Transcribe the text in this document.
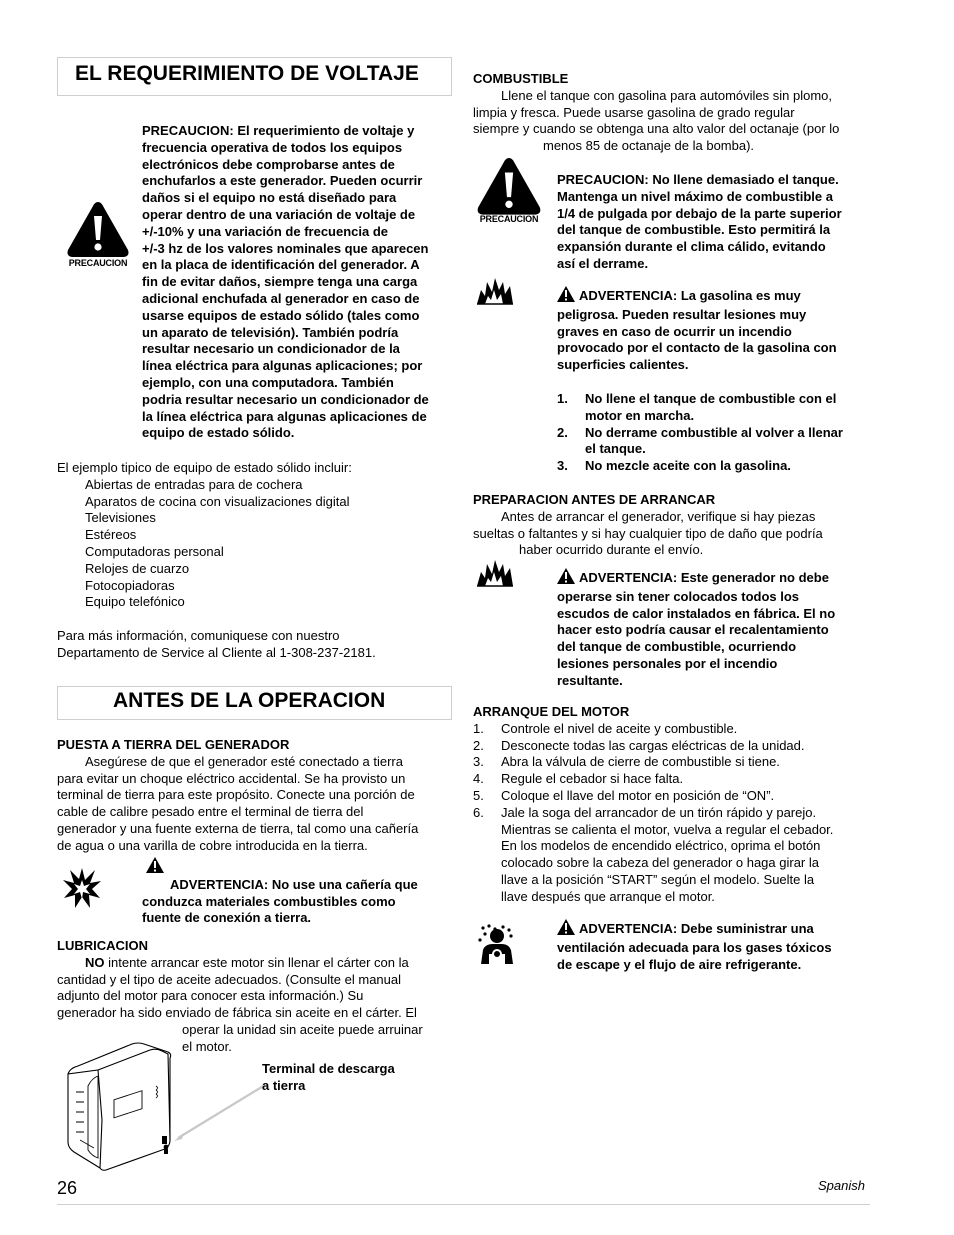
EL REQUERIMIENTO DE VOLTAJE
PRECAUCION

PRECAUCION: El requerimiento de voltaje y

frecuencia operativa de todos los equipos

electrónicos debe comprobarse antes de

enchufarlos a este generador. Pueden ocurrir

daños si el equipo no está diseñado para

operar dentro de una variación de voltaje de

+/-10% y una variación de frecuencia de

+/-3 hz de los valores nominales que aparecen

en la placa de identificación del generador. A

fin de evitar daños, siempre tenga una carga

adicional enchufada al generador en caso de

usarse equipos de estado sólido (tales como

un aparato de televisión). También podría

resultar necesario un condicionador de la

línea eléctrica para algunas aplicaciones; por

ejemplo, con una computadora. También

podria resultar necesario un condicionador de

la línea eléctrica para algunas aplicaciones de

equipo de estado sólido.

El ejemplo tipico de equipo de estado sólido incluir:

Abiertas de entradas para de cochera

Aparatos de cocina con visualizaciones digital

Televisiones

Estéreos

Computadoras personal

Relojes de cuarzo

Fotocopiadoras

Equipo telefónico

Para más información, comuniquese con nuestro

Departamento de Service al Cliente al 1-308-237-2181.

ANTES DE LA OPERACION

PUESTA A TIERRA DEL GENERADOR

Asegúrese de que el generador esté conectado a tierra

para evitar un choque eléctrico accidental. Se ha provisto un

terminal de tierra para este propósito. Conecte una porción de

cable de calibre pesado entre el terminal de tierra del

generador y una fuente externa de tierra, tal como una cañería

de agua o una varilla de cobre introducida en la tierra.

ADVERTENCIA: No use una cañería que

conduzca materiales combustibles como

fuente de conexión a tierra.

LUBRICACION

NO intente arrancar este motor sin llenar el cárter con la

cantidad y el tipo de aceite adecuados. (Consulte el manual

adjunto del motor para conocer esta información.) Su

generador ha sido enviado de fábrica sin aceite en el cárter. El

operar la unidad sin aceite puede arruinar

el motor.

Terminal de descarga

a tierra

COMBUSTIBLE

Llene el tanque con gasolina para automóviles sin plomo,

limpia y fresca. Puede usarse gasolina de grado regular

siempre y cuando se obtenga una alto valor del octanaje (por lo

menos 85 de octanaje de la bomba).

PRECAUCION

PRECAUCION: No llene demasiado el tanque.

Mantenga un nivel máximo de combustible a

1/4 de pulgada por debajo de la parte superior

del tanque de combustible. Esto permitirá la

expansión durante el clima cálido, evitando

así el derrame.

ADVERTENCIA: La gasolina es muy

peligrosa. Pueden resultar lesiones muy

graves en caso de ocurrir un incendio

provocado por el contacto de la gasolina con

superficies calientes.

1.	No llene el tanque de combustible con el

motor en marcha.

2.	No derrame combustible al volver a llenar

el tanque.

3.	No mezcle aceite con la gasolina.

PREPARACION ANTES DE ARRANCAR

Antes de arrancar el generador, verifique si hay piezas

sueltas o faltantes y si hay cualquier tipo de daño que podría

haber ocurrido durante el envío.

ADVERTENCIA: Este generador no debe

operarse sin tener colocados todos los

escudos de calor instalados en fábrica. El no

hacer esto podría causar el recalentamiento

del tanque de combustible, ocurriendo

lesiones personales por el incendio

resultante.

ARRANQUE DEL MOTOR

1.	Controle el nivel de aceite y combustible.

2.	Desconecte todas las cargas eléctricas de la unidad.

3.	Abra la válvula de cierre de combustible si tiene.

4.	Regule el cebador si hace falta.

5.	Coloque el llave del motor en posición de “ON”.

6.	Jale la soga del arrancador de un tirón rápido y parejo.

Mientras se calienta el motor, vuelva a regular el cebador.

En los modelos de encendido eléctrico, oprima el botón

colocado sobre la cabeza del generador o haga girar la

llave a la posición “START” según el modelo. Suelte la

llave después que arranque el motor.

ADVERTENCIA: Debe suministrar una

ventilación adecuada para los gases tóxicos

de escape y el flujo de aire refrigerante.

26	Spanish
